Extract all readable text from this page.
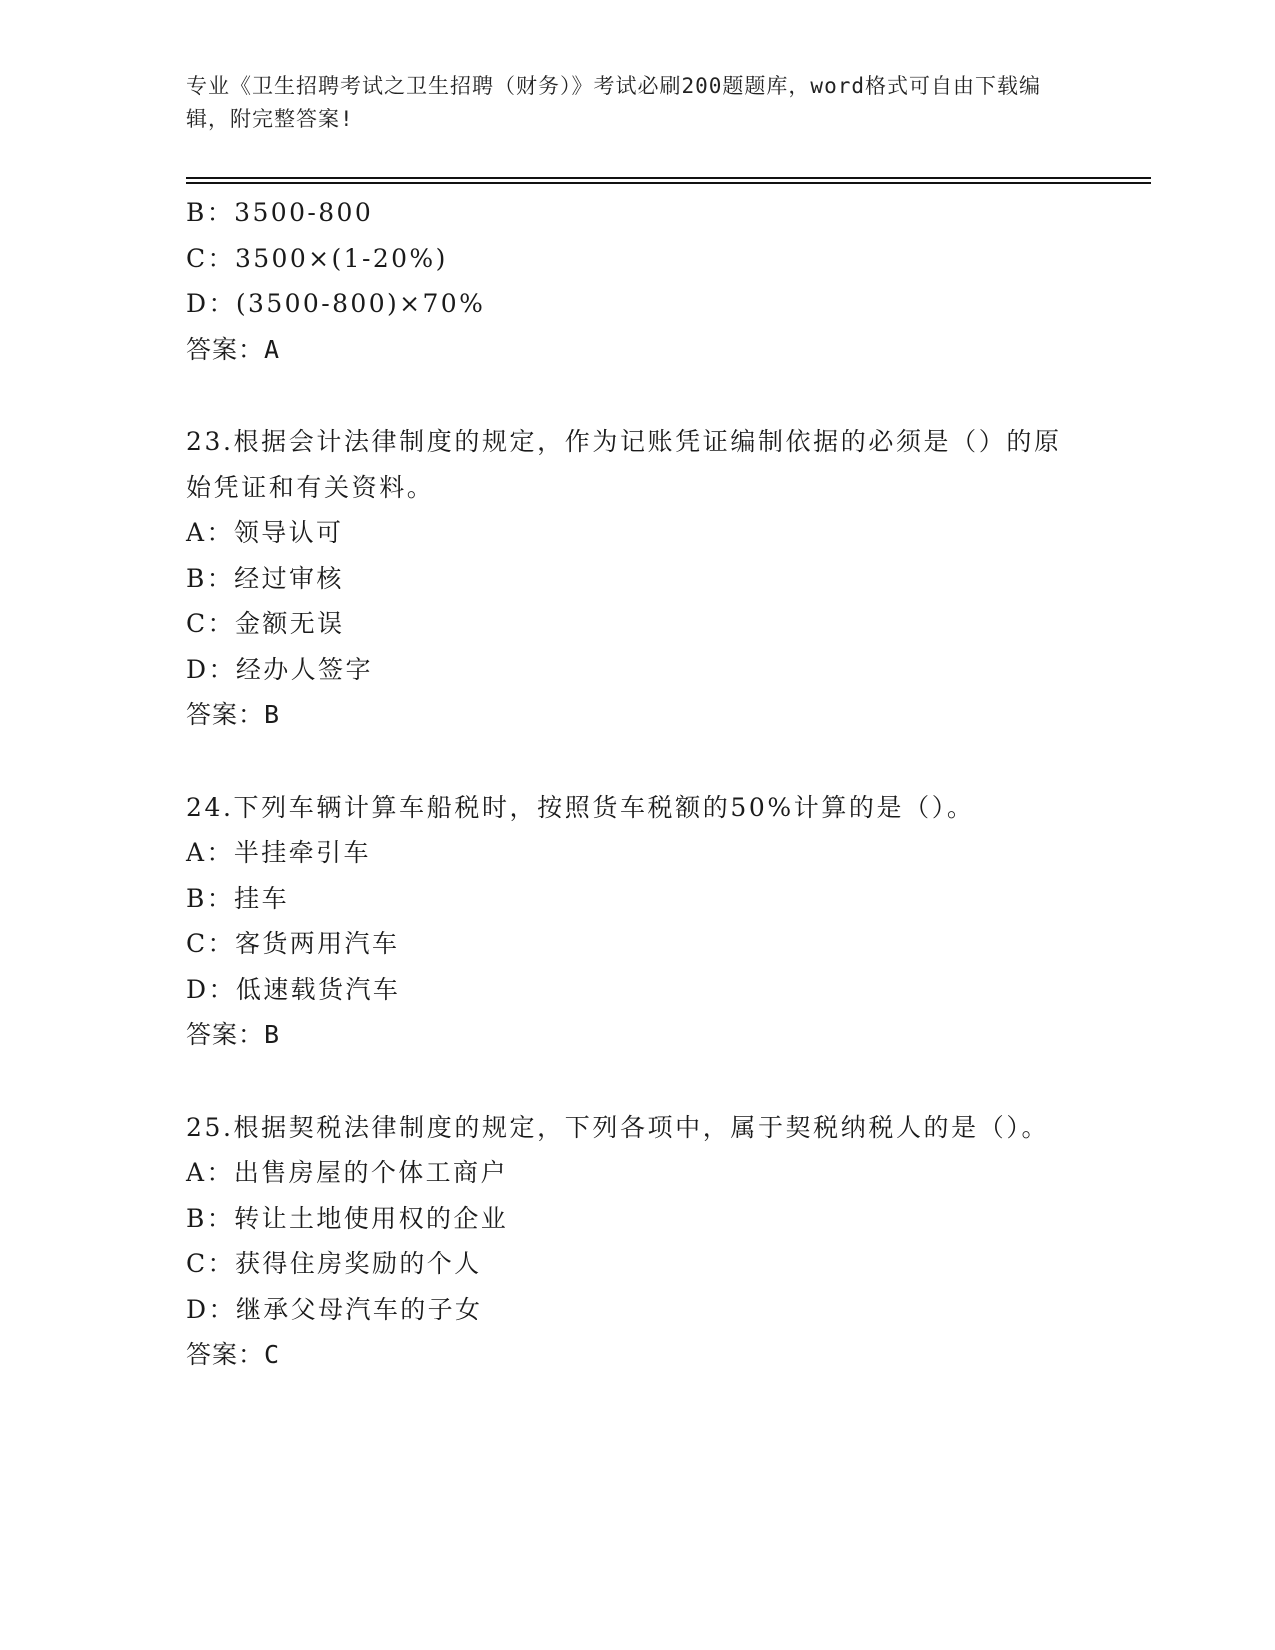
专业《卫生招聘考试之卫生招聘（财务）》考试必刷200题题库，word格式可自由下载编辑，附完整答案!
B：3500-800
C：3500×(1-20%)
D：(3500-800)×70%
答案：A
23.根据会计法律制度的规定，作为记账凭证编制依据的必须是（）的原始凭证和有关资料。
A：领导认可
B：经过审核
C：金额无误
D：经办人签字
答案：B
24.下列车辆计算车船税时，按照货车税额的50%计算的是（）。
A：半挂牵引车
B：挂车
C：客货两用汽车
D：低速载货汽车
答案：B
25.根据契税法律制度的规定，下列各项中，属于契税纳税人的是（）。
A：出售房屋的个体工商户
B：转让土地使用权的企业
C：获得住房奖励的个人
D：继承父母汽车的子女
答案：C
